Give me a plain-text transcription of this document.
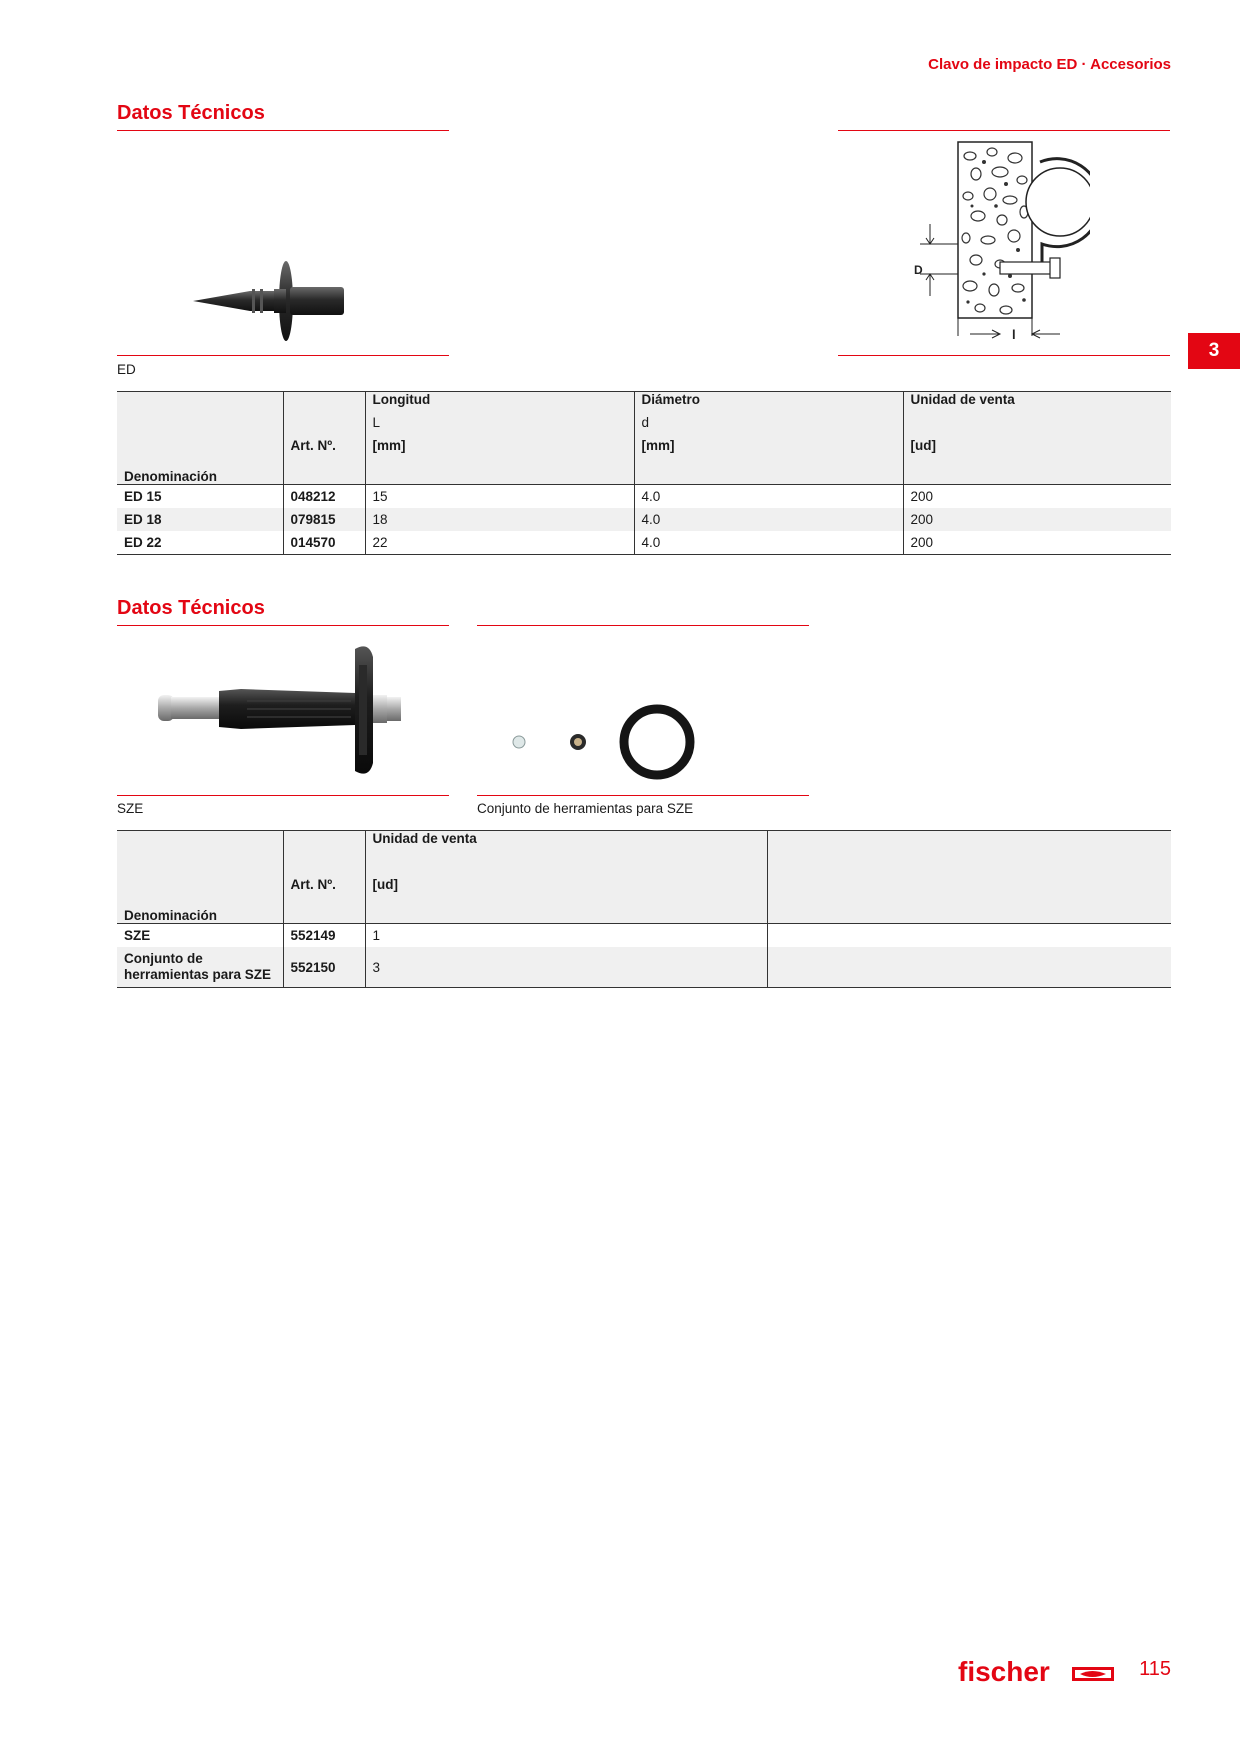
Clavo de impacto ED · Accesorios
3
Datos Técnicos
D
l
ED
		Longitud	Diámetro	Unidad de venta
		L	d	
	Art. Nº.	[mm]	[mm]	[ud]
Denominación				
ED 15	048212	15	4.0	200
ED 18	079815	18	4.0	200
ED 22	014570	22	4.0	200
Datos Técnicos
SZE	Conjunto de herramientas para SZE
		Unidad de venta	

	Art. Nº.	[ud]	
Denominación			
SZE	552149	1	
Conjunto de herramientas para SZE	552150	3	
fischer	115
